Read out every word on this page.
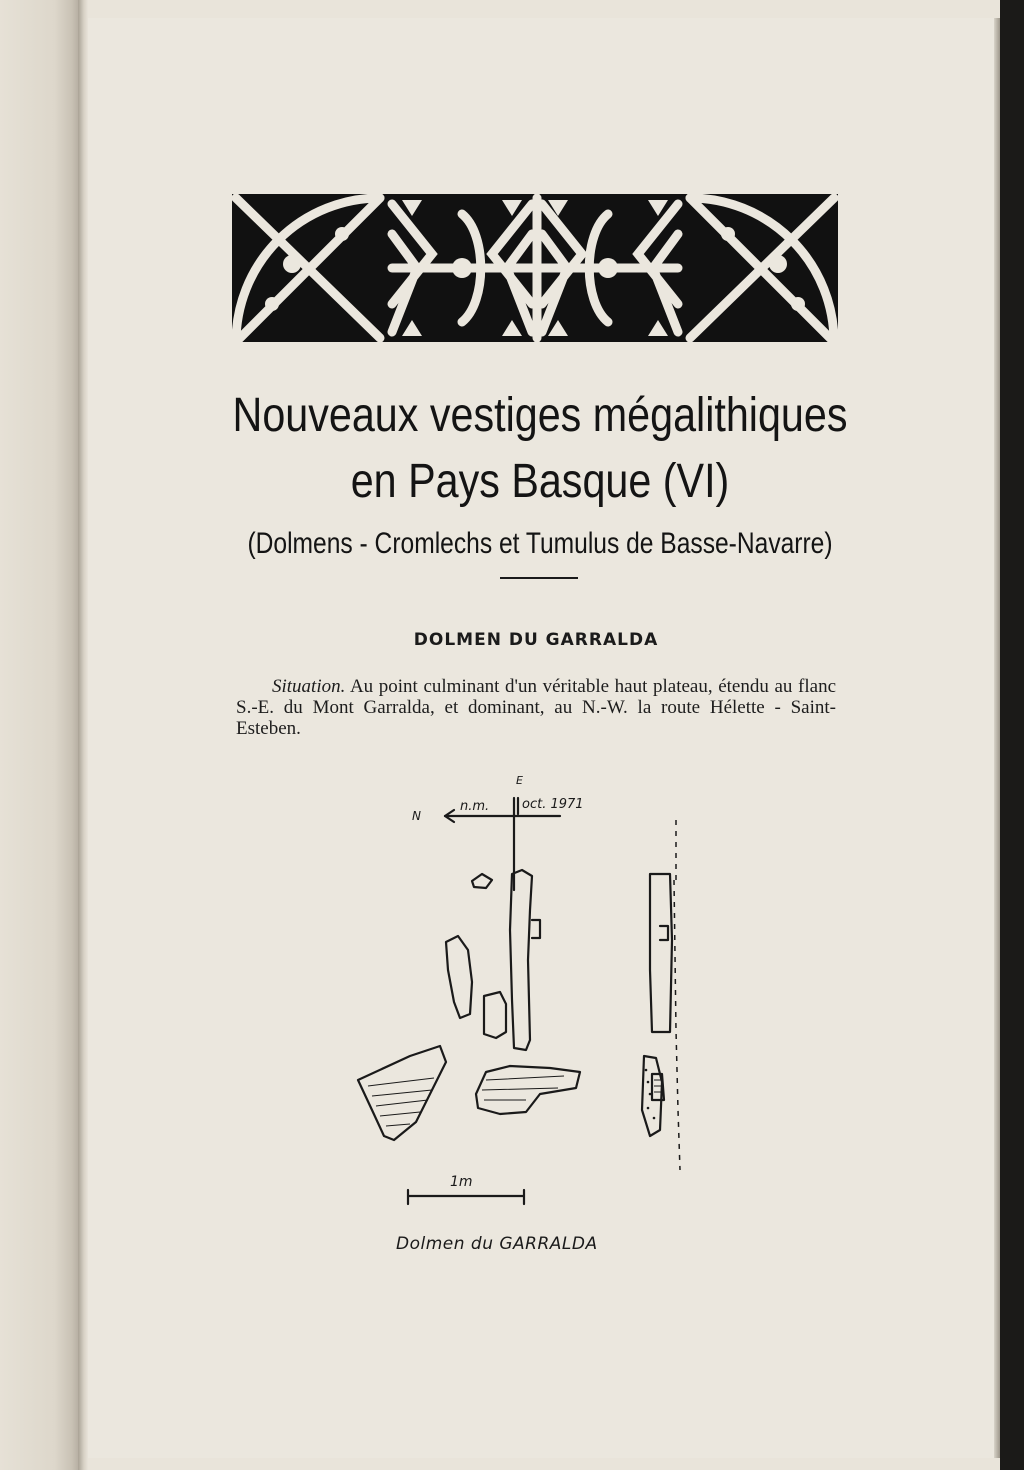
Nouveaux vestiges mégalithiques
en Pays Basque (VI)
(Dolmens - Cromlechs et Tumulus de Basse-Navarre)
DOLMEN DU GARRALDA

Situation. Au point culminant d'un véritable haut plateau, étendu au flanc S.-E. du Mont Garralda, et dominant, au N.-W. la route Hélette - Saint-Esteben.

E
N
n.m.	oct. 1971
1m
Dolmen du GARRALDA
